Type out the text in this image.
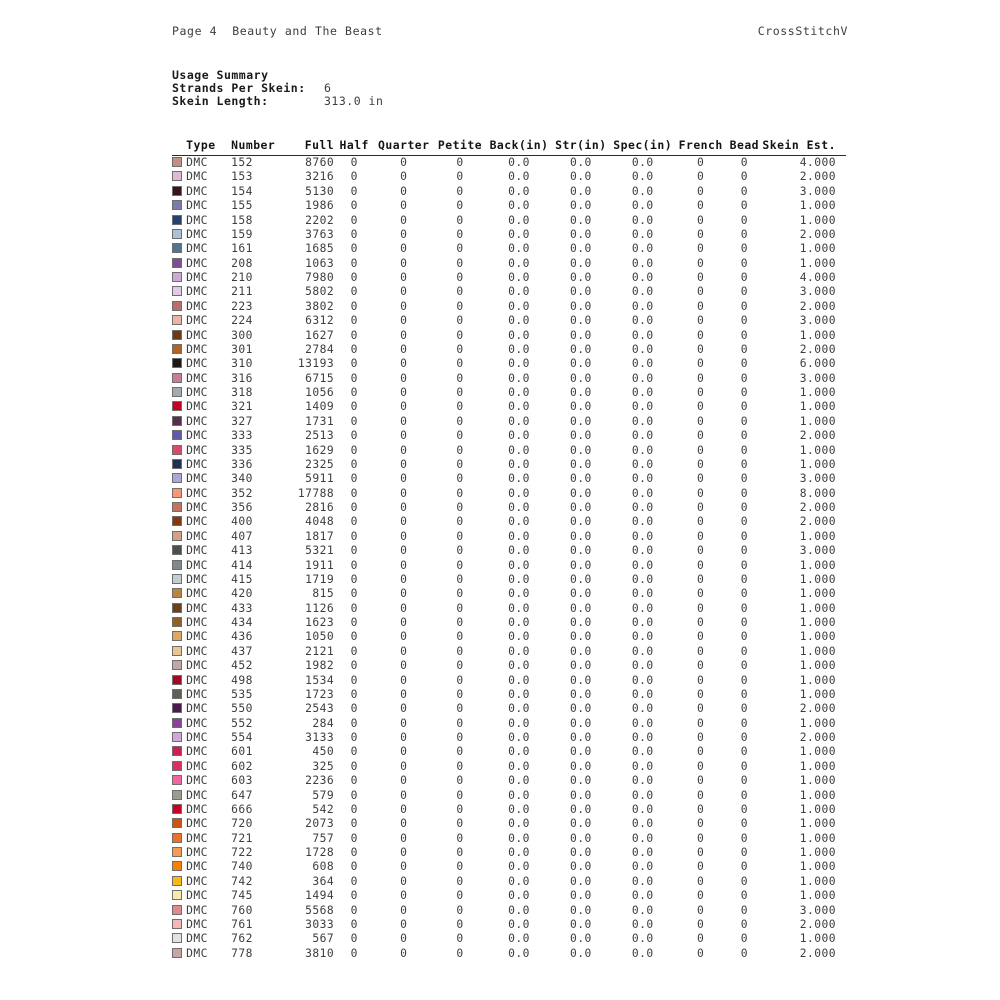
Page 4  Beauty and The Beast	CrossStitchV
Usage Summary
Strands Per Skein:	6
Skein Length:	313.0 in
	Type	Number	Full	Half	Quarter	Petite	Back(in)	Str(in)	Spec(in)	French	Bead	Skein Est.
	DMC	152	8760	0	0	0	0.0	0.0	0.0	0	0	4.000
	DMC	153	3216	0	0	0	0.0	0.0	0.0	0	0	2.000
	DMC	154	5130	0	0	0	0.0	0.0	0.0	0	0	3.000
	DMC	155	1986	0	0	0	0.0	0.0	0.0	0	0	1.000
	DMC	158	2202	0	0	0	0.0	0.0	0.0	0	0	1.000
	DMC	159	3763	0	0	0	0.0	0.0	0.0	0	0	2.000
	DMC	161	1685	0	0	0	0.0	0.0	0.0	0	0	1.000
	DMC	208	1063	0	0	0	0.0	0.0	0.0	0	0	1.000
	DMC	210	7980	0	0	0	0.0	0.0	0.0	0	0	4.000
	DMC	211	5802	0	0	0	0.0	0.0	0.0	0	0	3.000
	DMC	223	3802	0	0	0	0.0	0.0	0.0	0	0	2.000
	DMC	224	6312	0	0	0	0.0	0.0	0.0	0	0	3.000
	DMC	300	1627	0	0	0	0.0	0.0	0.0	0	0	1.000
	DMC	301	2784	0	0	0	0.0	0.0	0.0	0	0	2.000
	DMC	310	13193	0	0	0	0.0	0.0	0.0	0	0	6.000
	DMC	316	6715	0	0	0	0.0	0.0	0.0	0	0	3.000
	DMC	318	1056	0	0	0	0.0	0.0	0.0	0	0	1.000
	DMC	321	1409	0	0	0	0.0	0.0	0.0	0	0	1.000
	DMC	327	1731	0	0	0	0.0	0.0	0.0	0	0	1.000
	DMC	333	2513	0	0	0	0.0	0.0	0.0	0	0	2.000
	DMC	335	1629	0	0	0	0.0	0.0	0.0	0	0	1.000
	DMC	336	2325	0	0	0	0.0	0.0	0.0	0	0	1.000
	DMC	340	5911	0	0	0	0.0	0.0	0.0	0	0	3.000
	DMC	352	17788	0	0	0	0.0	0.0	0.0	0	0	8.000
	DMC	356	2816	0	0	0	0.0	0.0	0.0	0	0	2.000
	DMC	400	4048	0	0	0	0.0	0.0	0.0	0	0	2.000
	DMC	407	1817	0	0	0	0.0	0.0	0.0	0	0	1.000
	DMC	413	5321	0	0	0	0.0	0.0	0.0	0	0	3.000
	DMC	414	1911	0	0	0	0.0	0.0	0.0	0	0	1.000
	DMC	415	1719	0	0	0	0.0	0.0	0.0	0	0	1.000
	DMC	420	815	0	0	0	0.0	0.0	0.0	0	0	1.000
	DMC	433	1126	0	0	0	0.0	0.0	0.0	0	0	1.000
	DMC	434	1623	0	0	0	0.0	0.0	0.0	0	0	1.000
	DMC	436	1050	0	0	0	0.0	0.0	0.0	0	0	1.000
	DMC	437	2121	0	0	0	0.0	0.0	0.0	0	0	1.000
	DMC	452	1982	0	0	0	0.0	0.0	0.0	0	0	1.000
	DMC	498	1534	0	0	0	0.0	0.0	0.0	0	0	1.000
	DMC	535	1723	0	0	0	0.0	0.0	0.0	0	0	1.000
	DMC	550	2543	0	0	0	0.0	0.0	0.0	0	0	2.000
	DMC	552	284	0	0	0	0.0	0.0	0.0	0	0	1.000
	DMC	554	3133	0	0	0	0.0	0.0	0.0	0	0	2.000
	DMC	601	450	0	0	0	0.0	0.0	0.0	0	0	1.000
	DMC	602	325	0	0	0	0.0	0.0	0.0	0	0	1.000
	DMC	603	2236	0	0	0	0.0	0.0	0.0	0	0	1.000
	DMC	647	579	0	0	0	0.0	0.0	0.0	0	0	1.000
	DMC	666	542	0	0	0	0.0	0.0	0.0	0	0	1.000
	DMC	720	2073	0	0	0	0.0	0.0	0.0	0	0	1.000
	DMC	721	757	0	0	0	0.0	0.0	0.0	0	0	1.000
	DMC	722	1728	0	0	0	0.0	0.0	0.0	0	0	1.000
	DMC	740	608	0	0	0	0.0	0.0	0.0	0	0	1.000
	DMC	742	364	0	0	0	0.0	0.0	0.0	0	0	1.000
	DMC	745	1494	0	0	0	0.0	0.0	0.0	0	0	1.000
	DMC	760	5568	0	0	0	0.0	0.0	0.0	0	0	3.000
	DMC	761	3033	0	0	0	0.0	0.0	0.0	0	0	2.000
	DMC	762	567	0	0	0	0.0	0.0	0.0	0	0	1.000
	DMC	778	3810	0	0	0	0.0	0.0	0.0	0	0	2.000
